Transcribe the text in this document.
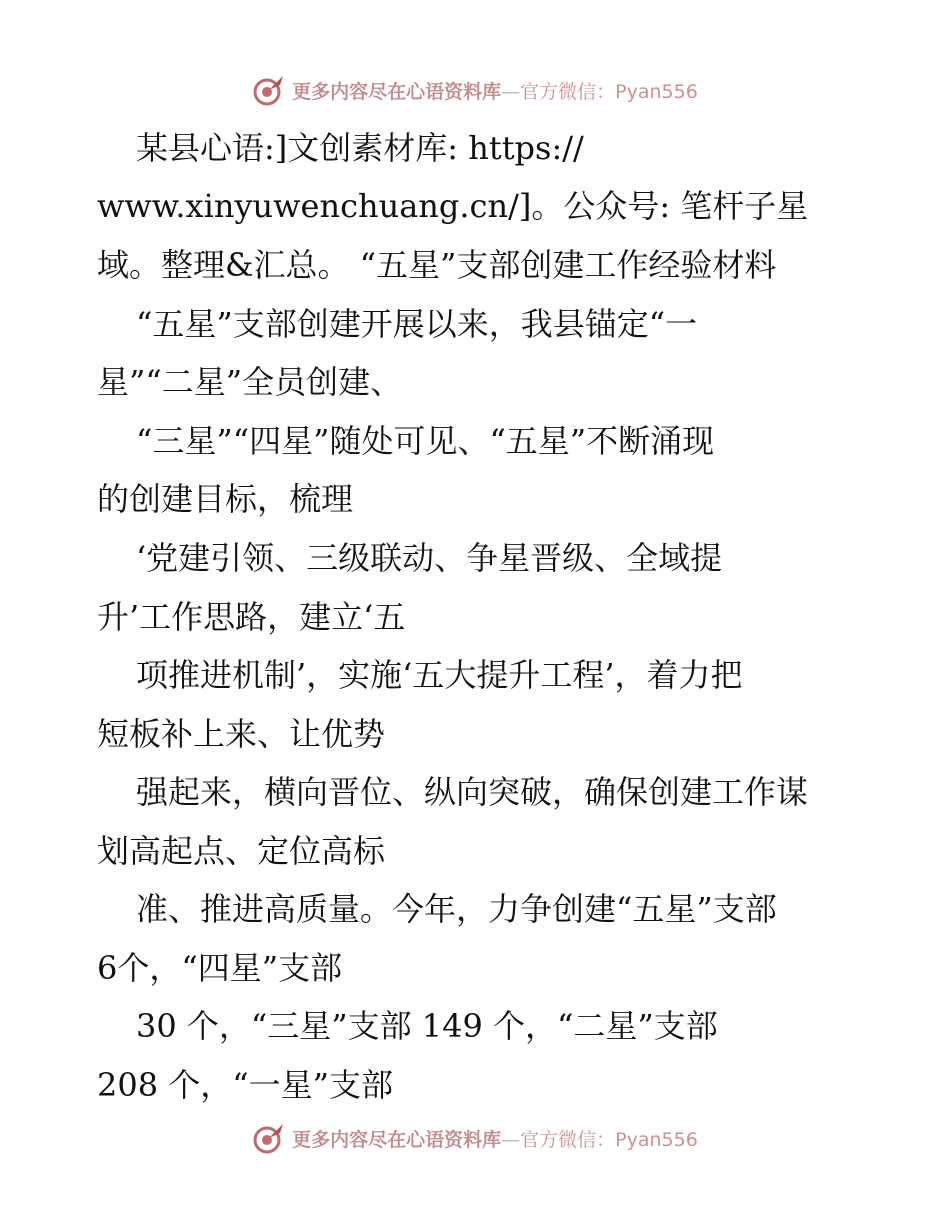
更多内容尽在心语资料库—官方微信：Pyan556
某县心语:]文创素材库: https://
www.xinyuwenchuang.cn/]。公众号: 笔杆子星
域。整理&汇总。 “五星”支部创建工作经验材料
“五星”支部创建开展以来，我县锚定“一
星”“二星”全员创建、
“三星”“四星”随处可见、“五星”不断涌现
的创建目标，梳理
‘党建引领、三级联动、争星晋级、全域提
升’工作思路，建立‘五
项推进机制’，实施‘五大提升工程’，着力把
短板补上来、让优势
强起来，横向晋位、纵向突破，确保创建工作谋
划高起点、定位高标
准、推进高质量。今年，力争创建“五星”支部
6个，“四星”支部
30 个，“三星”支部 149 个，“二星”支部
208 个，“一星”支部
更多内容尽在心语资料库—官方微信：Pyan556
